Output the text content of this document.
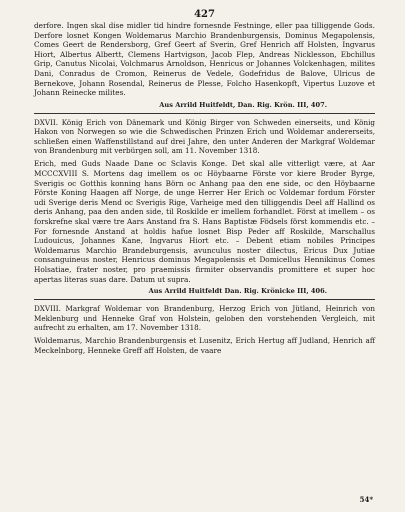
427

derfore. Ingen skal dise midler tid hindre fornesnde Festninge, eller paa tilliggende Gods. Derfore losnet Kongen Woldemarus Marchio Brandenburgensis, Dominus Megapolensis, Comes Geert de Rendersborg, Gref Geert af Sverin, Gref Henrich aff Holsten, Ingvarus Hiort, Albertus Albertt, Clemens Hartvigson, Jacob Flep, Andreas Nicklesson, Ebchillus Grip, Canutus Nicolai, Volchmarus Arnoldson, Henricus or Johannes Volckenhagen, milites Dani, Conradus de Cromon, Reinerus de Vedele, Godefridus de Balove, Ulricus de Bernekove, Johann Rosendal, Reinerus de Plesse, Folcho Hasenkopft, Vipertus Luzove et Johann Reinecke milites.

Aus Arrild Huitfeldt, Dan. Rig. Krön. III, 407.

DXVII. König Erich von Dänemark und König Birger von Schweden einerseits, und König Hakon von Norwegen so wie die Schwedischen Prinzen Erich und Woldemar andererseits, schließen einen Waffenstillstand auf drei Jahre, den unter Anderen der Markgraf Woldemar von Brandenburg mit verbürgen soll, am 11. November 1318.

Erich, med Guds Naade Dane oc Sclavis Konge. Det skal alle vitterligt være, at Aar MCCCXVIII S. Mortens dag imellem os oc Höybaarne Förste vor kiere Broder Byrge, Sverigis oc Gotthis konning hans Börn oc Anhang paa den ene side, oc den Höybaarne Förste Koning Haagen aff Norge, de unge Herrer Her Erich oc Voldemar fordum Förster udi Sverige deris Mend oc Sverigis Rige, Varheige med den tilliggendis Deel aff Hallind os deris Anhang, paa den anden side, til Roskilde er imellem forhandlet. Först at imellem – os forskrefne skal være tre Aars Anstand fra S. Hans Baptistæ Födsels först kommendis etc. – For fornesnde Anstand at holdis hafue losnet Bisp Peder aff Roskilde, Marschallus Ludouicus, Johannes Kane, Ingvarus Hiort etc. – Debent etiam nobiles Principes Woldemarus Marchio Brandeburgensis, avunculus noster dilectus, Ericus Dux Jutiae consanguineus noster, Henricus dominus Megapolensis et Domicellus Hennikinus Comes Holsatiae, frater noster, pro praemissis firmiter observandis promittere et super hoc apertas literas suas dare. Datum ut supra.

Aus Arrild Huitfeldt Dan. Rig. Krönicke III, 406.

DXVIII. Markgraf Woldemar von Brandenburg, Herzog Erich von Jütland, Heinrich von Meklenburg und Henneke Graf von Holstein, geloben den vorstehenden Vergleich, mit aufrecht zu erhalten, am 17. November 1318.

Woldemarus, Marchio Brandenburgensis et Lusenitz, Erich Hertug aff Judland, Henrich aff Meckelnborg, Henneke Greff aff Holsten, de vaare

54*
